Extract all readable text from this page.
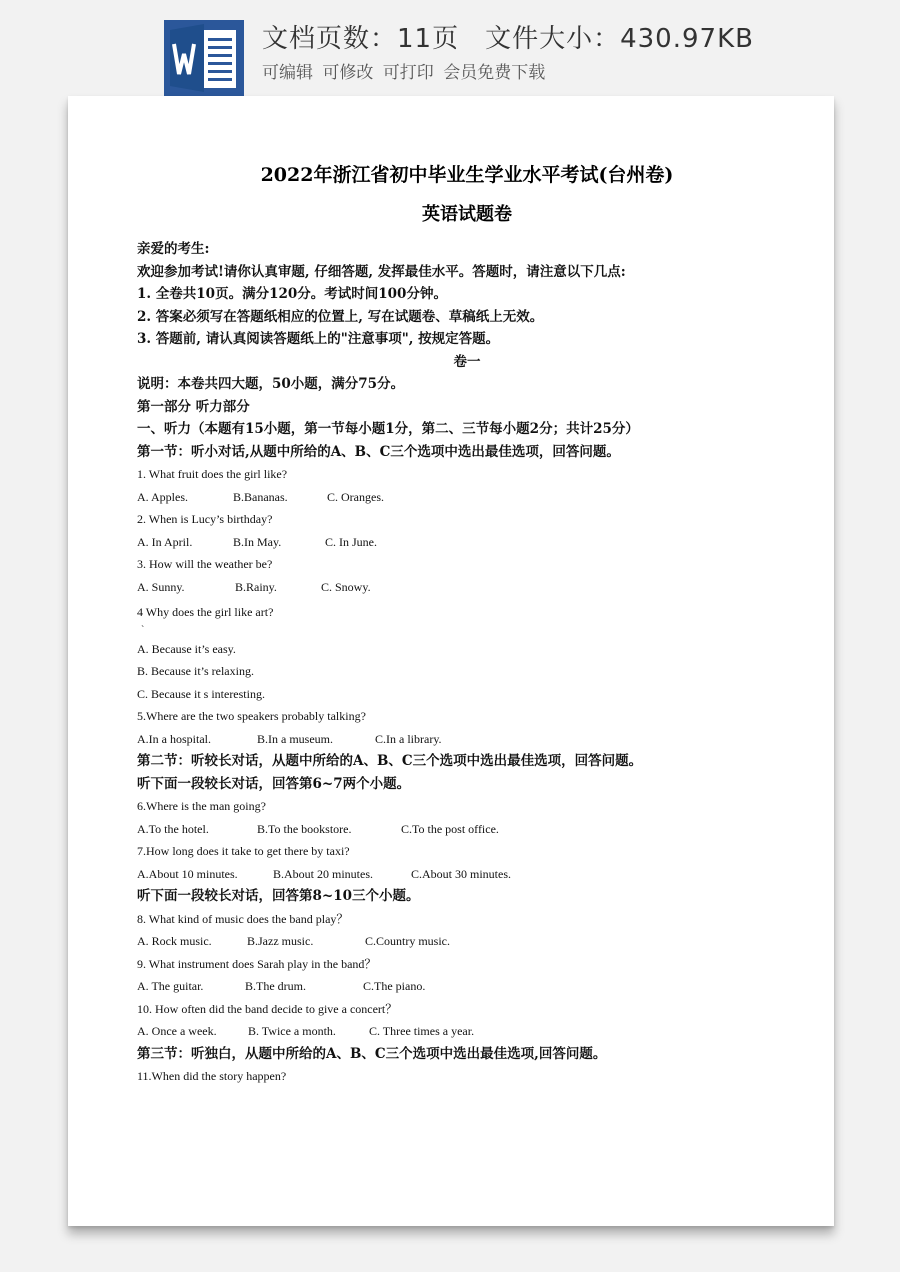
文档页数：11页 文件大小：430.97KB
可编辑 可修改 可打印 会员免费下载
2022年浙江省初中毕业生学业水平考试(台州卷)
英语试题卷
亲爱的考生:
欢迎参加考试!请你认真审题, 仔细答题, 发挥最佳水平。答题时，请注意以下几点:
1. 全卷共10页。满分120分。考试时间100分钟。
2. 答案必须写在答题纸相应的位置上, 写在试题卷、草稿纸上无效。
3. 答题前, 请认真阅读答题纸上的"注意事项", 按规定答题。
卷一
说明：本卷共四大题，50小题，满分75分。
第一部分 听力部分
一、听力（本题有15小题，第一节每小题1分，第二、三节每小题2分；共计25分）
第一节：听小对话,从题中所给的A、B、C三个选项中选出最佳选项，回答问题。
1. What fruit does the girl like?
A. Apples.	B.Bananas.	C. Oranges.
2. When is Lucy’s birthday?
A. In April.	B.In May.	C. In June.
3. How will the weather be?
A. Sunny.	B.Rainy.	C. Snowy.
4 Why does the girl like art?
`
A. Because it’s easy.
B. Because it’s relaxing.
C. Because it s interesting.
5.Where are the two speakers probably talking?
A.In a hospital.	B.In a museum.	C.In a library.
第二节：听较长对话，从题中所给的A、B、C三个选项中选出最佳选项，回答问题。
听下面一段较长对话，回答第6~7两个小题。
6.Where is the man going?
A.To the hotel.	B.To the bookstore.	C.To the post office.
7.How long does it take to get there by taxi?
A.About 10 minutes.	B.About 20 minutes.	C.About 30 minutes.
听下面一段较长对话，回答第8~10三个小题。
8. What kind of music does the band play？
A. Rock music.	B.Jazz music.	C.Country music.
9. What instrument does Sarah play in the band？
A. The guitar.	B.The drum.	C.The piano.
10. How often did the band decide to give a concert？
A. Once a week.	B. Twice a month.	C. Three times a year.
第三节：听独白，从题中所给的A、B、C三个选项中选出最佳选项,回答问题。
11.When did the story happen?
